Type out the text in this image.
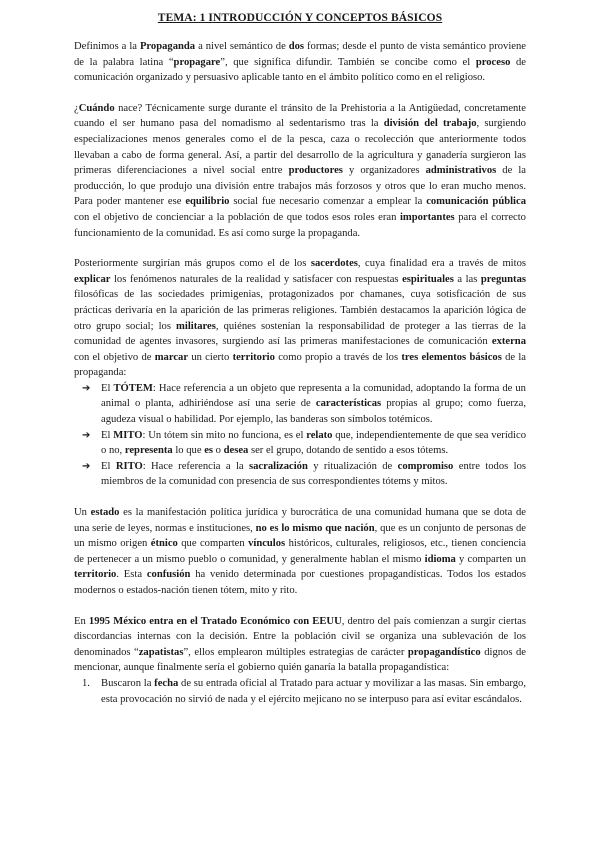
TEMA: 1 INTRODUCCIÓN Y CONCEPTOS BÁSICOS

Definimos a la Propaganda a nivel semántico de dos formas; desde el punto de vista semántico proviene de la palabra latina “propagare”, que significa difundir. También se concibe como el proceso de comunicación organizado y persuasivo aplicable tanto en el ámbito político como en el religioso.

¿Cuándo nace? Técnicamente surge durante el tránsito de la Prehistoria a la Antigüedad, concretamente cuando el ser humano pasa del nomadismo al sedentarismo tras la división del trabajo, surgiendo especializaciones menos generales como el de la pesca, caza o recolección que anteriormente todos llevaban a cabo de forma general. Así, a partir del desarrollo de la agricultura y ganadería surgieron las primeras diferenciaciones a nivel social entre productores y organizadores administrativos de la producción, lo que produjo una división entre trabajos más forzosos y otros que lo eran mucho menos. Para poder mantener ese equilibrio social fue necesario comenzar a emplear la comunicación pública con el objetivo de concienciar a la población de que todos esos roles eran importantes para el correcto funcionamiento de la comunidad. Es así como surge la propaganda.

Posteriormente surgirían más grupos como el de los sacerdotes, cuya finalidad era a través de mitos explicar los fenómenos naturales de la realidad y satisfacer con respuestas espirituales a las preguntas filosóficas de las sociedades primigenias, protagonizados por chamanes, cuya sotisficación de sus prácticas derivaría en la aparición de las primeras religiones. También destacamos la aparición lógica de otro grupo social; los militares, quiénes sostenían la responsabilidad de proteger a las tierras de la comunidad de agentes invasores, surgiendo así las primeras manifestaciones de comunicación externa con el objetivo de marcar un cierto territorio como propio a través de los tres elementos básicos de la propaganda:

➔ El TÓTEM: Hace referencia a un objeto que representa a la comunidad, adoptando la forma de un animal o planta, adhiriéndose así una serie de características propias al grupo; como fuerza, agudeza visual o habilidad. Por ejemplo, las banderas son símbolos totémicos.
➔ El MITO: Un tótem sin mito no funciona, es el relato que, independientemente de que sea verídico o no, representa lo que es o desea ser el grupo, dotando de sentido a esos tótems.
➔ El RITO: Hace referencia a la sacralización y ritualización de compromiso entre todos los miembros de la comunidad con presencia de sus correspondientes tótems y mitos.

Un estado es la manifestación política jurídica y burocrática de una comunidad humana que se dota de una serie de leyes, normas e instituciones, no es lo mismo que nación, que es un conjunto de personas de un mismo origen étnico que comparten vínculos históricos, culturales, religiosos, etc., tienen conciencia de pertenecer a un mismo pueblo o comunidad, y generalmente hablan el mismo idioma y comparten un territorio. Esta confusión ha venido determinada por cuestiones propagandísticas. Todos los estados modernos o estados-nación tienen tótem, mito y rito.

En 1995 México entra en el Tratado Económico con EEUU, dentro del país comienzan a surgir ciertas discordancias internas con la decisión. Entre la población civil se organiza una sublevación de los denominados “zapatistas”, ellos emplearon múltiples estrategias de carácter propagandístico dignos de mencionar, aunque finalmente sería el gobierno quién ganaría la batalla propagandística:

1. Buscaron la fecha de su entrada oficial al Tratado para actuar y movilizar a las masas. Sin embargo, esta provocación no sirvió de nada y el ejército mejicano no se interpuso para así evitar escándalos.
